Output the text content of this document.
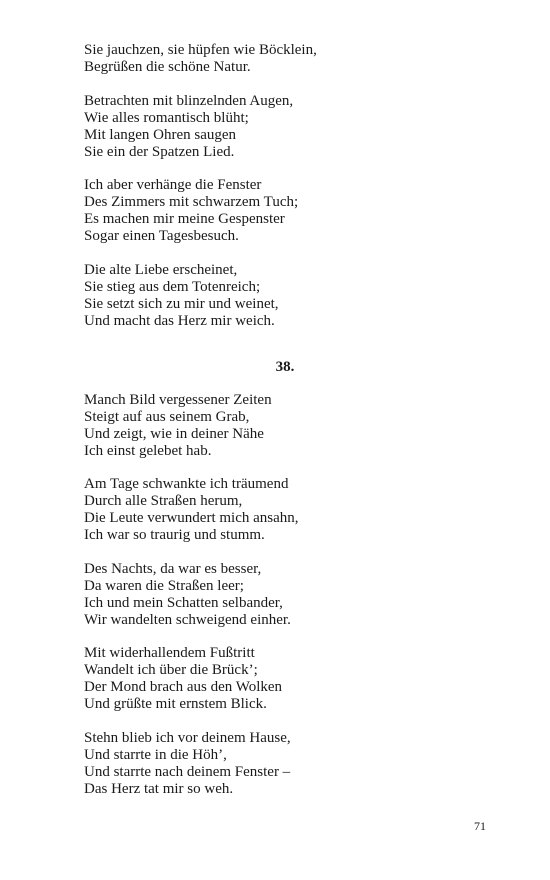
Sie jauchzen, sie hüpfen wie Böcklein,
Begrüßen die schöne Natur.
Betrachten mit blinzelnden Augen,
Wie alles romantisch blüht;
Mit langen Ohren saugen
Sie ein der Spatzen Lied.
Ich aber verhänge die Fenster
Des Zimmers mit schwarzem Tuch;
Es machen mir meine Gespenster
Sogar einen Tagesbesuch.
Die alte Liebe erscheinet,
Sie stieg aus dem Totenreich;
Sie setzt sich zu mir und weinet,
Und macht das Herz mir weich.
38.
Manch Bild vergessener Zeiten
Steigt auf aus seinem Grab,
Und zeigt, wie in deiner Nähe
Ich einst gelebet hab.
Am Tage schwankte ich träumend
Durch alle Straßen herum,
Die Leute verwundert mich ansahn,
Ich war so traurig und stumm.
Des Nachts, da war es besser,
Da waren die Straßen leer;
Ich und mein Schatten selbander,
Wir wandelten schweigend einher.
Mit widerhallendem Fußtritt
Wandelt ich über die Brück’;
Der Mond brach aus den Wolken
Und grüßte mit ernstem Blick.
Stehn blieb ich vor deinem Hause,
Und starrte in die Höh’,
Und starrte nach deinem Fenster –
Das Herz tat mir so weh.
71
